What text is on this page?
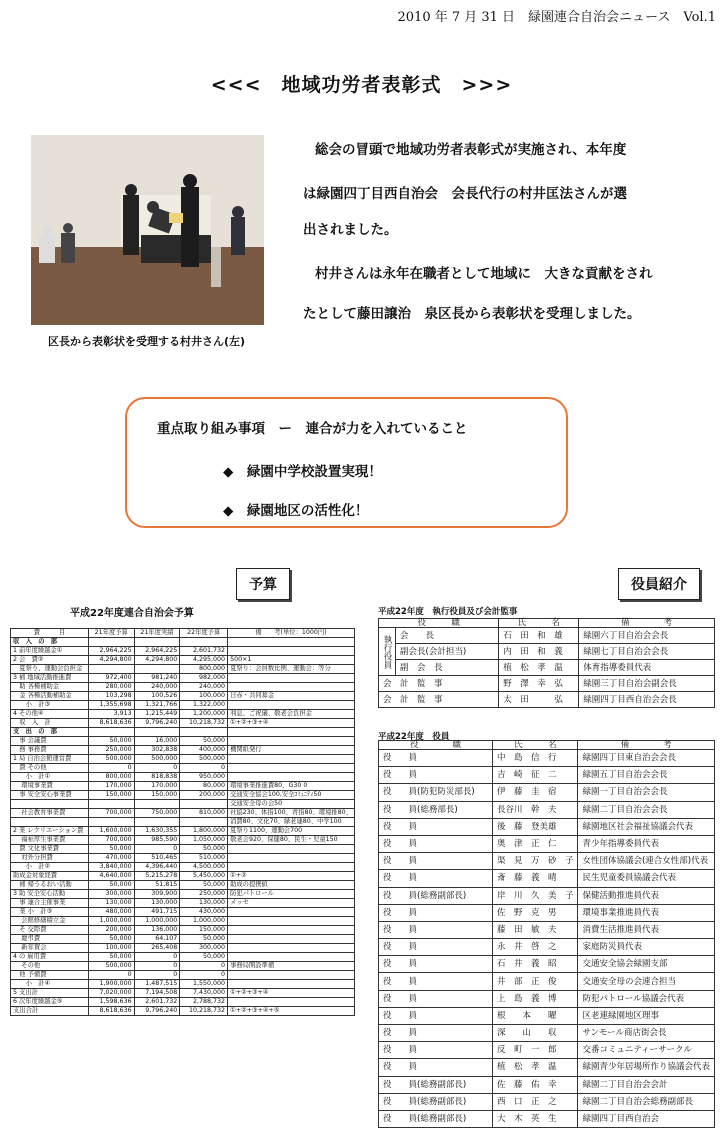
2010 年 7 月 31 日　緑園連合自治会ニュース　Vol.1
<<<　地域功労者表彰式　>>>
区長から表彰状を受理する村井さん(左)
総会の冒頭で地域功労者表彰式が実施され、本年度
は緑園四丁目西自治会　会長代行の村井匡法さんが選
出されました。
村井さんは永年在職者として地域に　大きな貢献をされ
たとして藤田譲治　泉区長から表彰状を受理しました。
重点取り組み事項　ー　連合が力を入れていること
◆　緑園中学校設置実現！
◆　緑園地区の活性化！
予算	役員紹介
平成22年度連合自治会予算
費　　　目	21年度予算	21年度実績	22年度予算	備　　考(単位：1000円)
収　入　の　部				
1 前年度繰越金①	2,964,225	2,964,225	2,601,732	
2 会　費②	4,294,800	4,294,800	4,295,000	500×1
　夏祭り、運動会負担金			800,000	夏祭り：会員数比例、運動会：等分
3 補 地域活動推進費	972,400	981,240	982,000	
　助 各種補助金	280,000	240,000	240,000	
　金 各種活動補助金	103,298	100,526	100,000	日赤・共同募金
　　小　計③	1,355,698	1,321,766	1,322,000	
4 その他④	3,913	1,215,449	1,200,000	利息、ご祝儀、敬老会負担金
　収　入　計	8,618,636	9,796,240	10,218,732	①+②+③+④
支　出　の　部				
　事 会議費	50,000	16,000	50,000	
　務 事務費	250,000	302,838	400,000	機関紙発行
1 局 自治会館運営費	500,000	500,000	500,000	
　費 その他	0	0	0	
　　小　計①	800,000	818,838	950,000	
　 環境事業費	170,000	170,000	80,000	環境事業推進費80、G30 0
　事 安全安心事業費	150,000	150,000	200,000	交通安全協会100,安全ｺﾐｭﾆﾃｨ50
				交通安全母の会50
　 社会教育事業費	700,000	750,000	810,000	社協230、体指100、青指80、環境推80、
				消費80、文化70、緑老連80、中学100
2 業 レクリエーション費	1,600,000	1,630,355	1,800,000	夏祭り1100、運動会700
　 福祉厚生事業費	700,000	985,590	1,050,000	敬老会920、保健80、民生・児童150
　費 文化事業費	50,000	0	50,000	
　 対外分担費	470,000	510,465	510,000	
　　小　計②	3,840,000	4,396,440	4,500,000	
助成金対象経費	4,640,000	5,215,278	5,450,000	①+②
　補 帰うるおい活動	50,000	51,815	50,000	助成の提携値
3 助 安全安心活動	300,000	309,900	250,000	防犯パトロール
　事 連合主催事業	130,000	130,000	130,000	メッセ
　業 小　計③	480,000	491,715	430,000	
　 会館修繕積立金	1,000,000	1,000,000	1,000,000	
　そ 交際費	200,000	136,000	150,000	
　 慶弔費	50,000	64,107	50,000	
　 新年賀会	100,000	265,408	300,000	
4 の 雇用費	50,000	0	50,000	
　 その他	500,000	0	0	事務局開設準備
　他 予備費	0	0	0	
　　小　計④	1,900,000	1,487,515	1,550,000	
5 支出計	7,020,000	7,194,508	7,430,000	①+②+③+④
6 次年度繰越金⑤	1,598,636	2,601,732	2,788,732	
支出合計	8,618,636	9,796,240	10,218,732	①+②+③+④+⑤
平成22年度　執行役員及び会計監事
役　　　職		氏　　　名	備　　　　考
執行役員	会　　長	石　田　和　雄	緑園六丁目自治会会長
	副会長(会計担当)	内　田　和　義	緑園七丁目自治会会長
	副　会　長	植　松　孝　温	体育指導委員代表
会　計　監　事		野　澤　幸　弘	緑園三丁目自治会副会長
会　計　監　事		太　田　　　弘	緑園四丁目西自治会会長
平成22年度　役員
役　　　　職	氏　　　名	備　　　　考
役　　員	中　島　信　行	緑園四丁目東自治会会長
役　　員	吉　崎　征　二	緑園五丁目自治会会長
役　　員(防犯防災部長)	伊　藤　圭　宿	緑園一丁目自治会会長
役　　員(総務部長)	長谷川　幹　夫	緑園二丁目自治会会長
役　　員	後　藤　登美雄	緑園地区社会福祉協議会代表
役　　員	奥　津　正　仁	青少年指導委員代表
役　　員	渠　見　万　砂　子	女性団体協議会(連合女性部)代表
役　　員	斎　藤　義　晴	民生児童委員協議会代表
役　　員(総務副部長)	岸　川　久　美　子	保健活動推進員代表
役　　員	佐　野　克　男	環境事業推進員代表
役　　員	藤　田　敏　夫	消費生活推進員代表
役　　員	永　井　啓　之	家庭防災員代表
役　　員	石　井　義　昭	交通安全協会緑園支部
役　　員	井　部　正　俊	交通安全母の会連合担当
役　　員	上　島　義　博	防犯パトロール協議会代表
役　　員	根　　本　　曜	区老連緑園地区理事
役　　員	深　　山　　収	サンモール商店街会長
役　　員	反　町　一　郎	交番コミュニティーサークル
役　　員	植　松　孝　温	緑園青少年居場所作り協議会代表
役　　員(総務副部長)	佐　藤　佑　幸	緑園二丁目自治会会計
役　　員(総務副部長)	西　口　正　之	緑園二丁目自治会総務副部長
役　　員(総務副部長)	大　木　英　生	緑園四丁目西自治会
